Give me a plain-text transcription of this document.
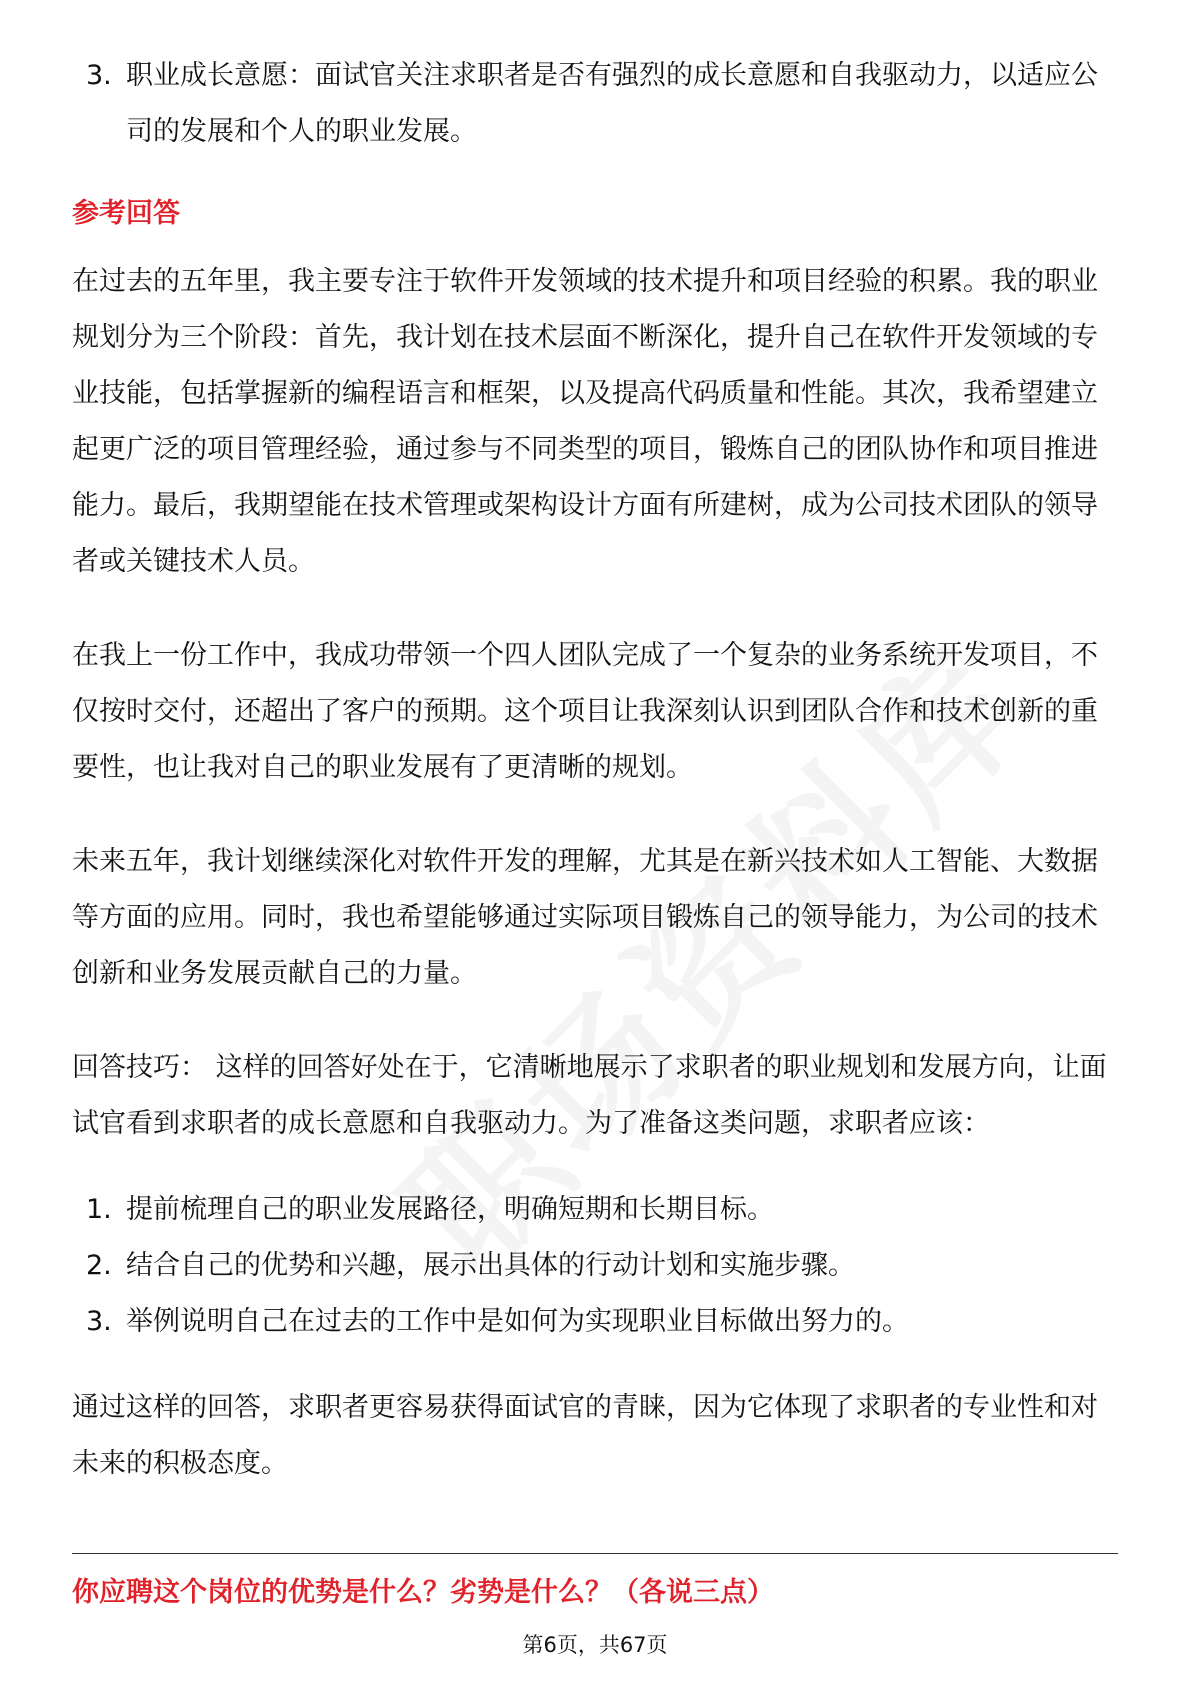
3. 职业成长意愿：面试官关注求职者是否有强烈的成长意愿和自我驱动力，以适应公司的发展和个人的职业发展。
参考回答

在过去的五年里，我主要专注于软件开发领域的技术提升和项目经验的积累。我的职业规划分为三个阶段：首先，我计划在技术层面不断深化，提升自己在软件开发领域的专业技能，包括掌握新的编程语言和框架，以及提高代码质量和性能。其次，我希望建立起更广泛的项目管理经验，通过参与不同类型的项目，锻炼自己的团队协作和项目推进能力。最后，我期望能在技术管理或架构设计方面有所建树，成为公司技术团队的领导者或关键技术人员。

在我上一份工作中，我成功带领一个四人团队完成了一个复杂的业务系统开发项目，不仅按时交付，还超出了客户的预期。这个项目让我深刻认识到团队合作和技术创新的重要性，也让我对自己的职业发展有了更清晰的规划。

未来五年，我计划继续深化对软件开发的理解，尤其是在新兴技术如人工智能、大数据等方面的应用。同时，我也希望能够通过实际项目锻炼自己的领导能力，为公司的技术创新和业务发展贡献自己的力量。

回答技巧： 这样的回答好处在于，它清晰地展示了求职者的职业规划和发展方向，让面试官看到求职者的成长意愿和自我驱动力。为了准备这类问题，求职者应该：

1. 提前梳理自己的职业发展路径，明确短期和长期目标。
2. 结合自己的优势和兴趣，展示出具体的行动计划和实施步骤。
3. 举例说明自己在过去的工作中是如何为实现职业目标做出努力的。

通过这样的回答，求职者更容易获得面试官的青睐，因为它体现了求职者的专业性和对未来的积极态度。

你应聘这个岗位的优势是什么？劣势是什么？（各说三点）
第6页，共67页
